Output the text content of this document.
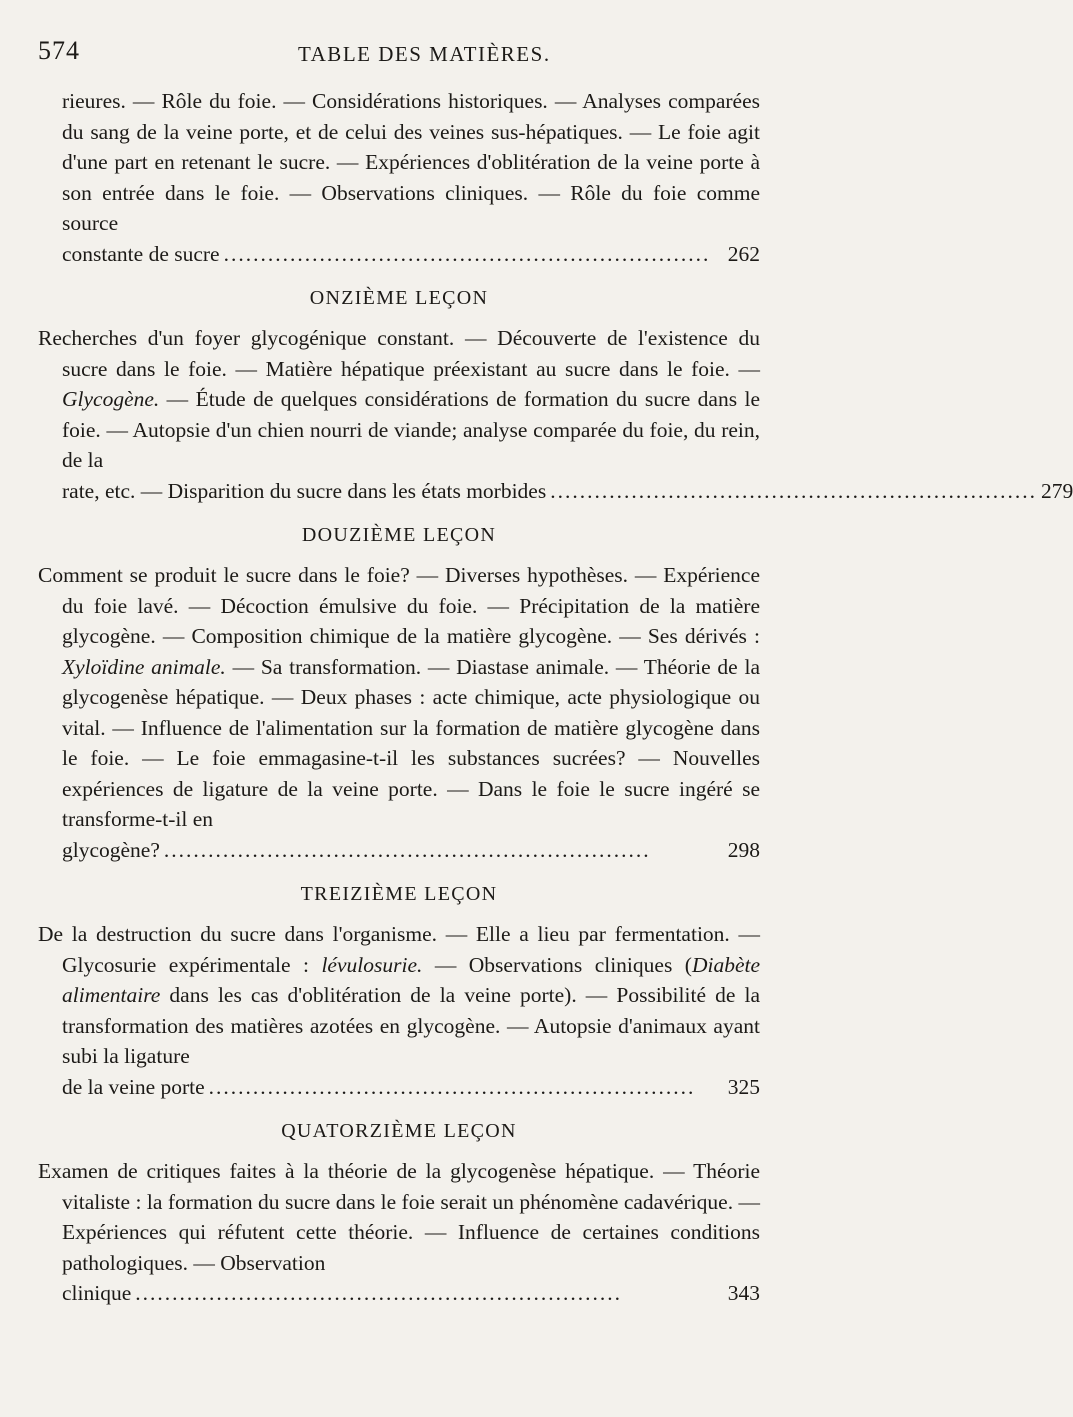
574	TABLE DES MATIÈRES.

rieures. — Rôle du foie. — Considérations historiques. — Analyses comparées du sang de la veine porte, et de celui des veines sus-hépatiques. — Le foie agit d'une part en retenant le sucre. — Expériences d'oblitération de la veine porte à son entrée dans le foie. — Observations cliniques. — Rôle du foie comme source

constante de sucre .................................................................. 262
ONZIÈME LEÇON

Recherches d'un foyer glycogénique constant. — Découverte de l'existence du sucre dans le foie. — Matière hépatique préexistant au sucre dans le foie. — Glycogène. — Étude de quelques considérations de formation du sucre dans le foie. — Autopsie d'un chien nourri de viande; analyse comparée du foie, du rein, de la

rate, etc. — Disparition du sucre dans les états morbides .................................................................. 279
DOUZIÈME LEÇON

Comment se produit le sucre dans le foie? — Diverses hypothèses. — Expérience du foie lavé. — Décoction émulsive du foie. — Précipitation de la matière glycogène. — Composition chimique de la matière glycogène. — Ses dérivés : Xyloïdine animale. — Sa transformation. — Diastase animale. — Théorie de la glycogenèse hépatique. — Deux phases : acte chimique, acte physiologique ou vital. — Influence de l'alimentation sur la formation de matière glycogène dans le foie. — Le foie emmagasine-t-il les substances sucrées? — Nouvelles expériences de ligature de la veine porte. — Dans le foie le sucre ingéré se transforme-t-il en

glycogène? ..................................................................	298
TREIZIÈME LEÇON

De la destruction du sucre dans l'organisme. — Elle a lieu par fermentation. — Glycosurie expérimentale : lévulosurie. — Observations cliniques (Diabète alimentaire dans les cas d'oblitération de la veine porte). — Possibilité de la transformation des matières azotées en glycogène. — Autopsie d'animaux ayant subi la ligature

de la veine porte ..................................................................	325
QUATORZIÈME LEÇON

Examen de critiques faites à la théorie de la glycogenèse hépatique. — Théorie vitaliste : la formation du sucre dans le foie serait un phénomène cadavérique. — Expériences qui réfutent cette théorie. — Influence de certaines conditions pathologiques. — Observation

clinique ..................................................................	343
